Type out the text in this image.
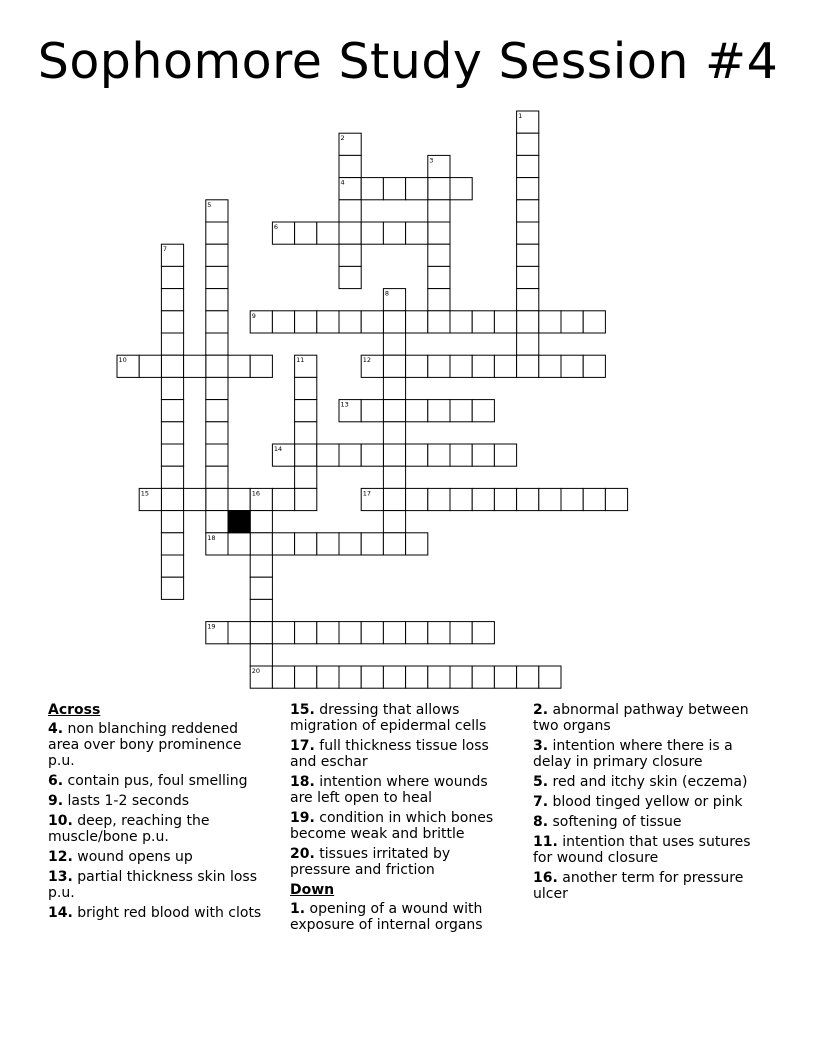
Sophomore Study Session #4
1
2
3
4
5
6
7
8
9
10	11	12
13
14
15	16	17
18
19
20
Across
4. non blanching reddened area over bony prominence p.u.
6. contain pus, foul smelling
9. lasts 1-2 seconds
10. deep, reaching the muscle/bone p.u.
12. wound opens up
13. partial thickness skin loss p.u.
14. bright red blood with clots
15. dressing that allows migration of epidermal cells
17. full thickness tissue loss and eschar
18. intention where wounds are left open to heal
19. condition in which bones become weak and brittle
20. tissues irritated by pressure and friction
Down
1. opening of a wound with exposure of internal organs
2. abnormal pathway between two organs
3. intention where there is a delay in primary closure
5. red and itchy skin (eczema)
7. blood tinged yellow or pink
8. softening of tissue
11. intention that uses sutures for wound closure
16. another term for pressure ulcer
